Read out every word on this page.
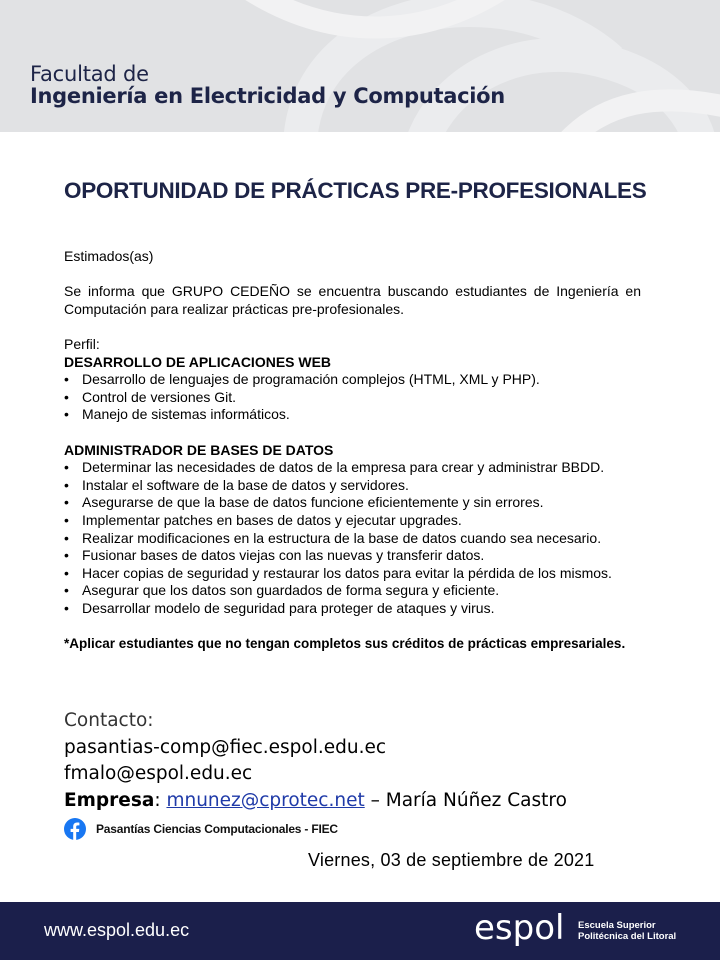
Facultad de
Ingeniería en Electricidad y Computación
OPORTUNIDAD DE PRÁCTICAS PRE-PROFESIONALES

Estimados(as)

Se informa que GRUPO CEDEÑO se encuentra buscando estudiantes de Ingeniería en Computación para realizar prácticas pre-profesionales.

Perfil:

DESARROLLO DE APLICACIONES WEB

• Desarrollo de lenguajes de programación complejos (HTML, XML y PHP).
• Control de versiones Git.
• Manejo de sistemas informáticos.

ADMINISTRADOR DE BASES DE DATOS

• Determinar las necesidades de datos de la empresa para crear y administrar BBDD.
• Instalar el software de la base de datos y servidores.
• Asegurarse de que la base de datos funcione eficientemente y sin errores.
• Implementar patches en bases de datos y ejecutar upgrades.
• Realizar modificaciones en la estructura de la base de datos cuando sea necesario.
• Fusionar bases de datos viejas con las nuevas y transferir datos.
• Hacer copias de seguridad y restaurar los datos para evitar la pérdida de los mismos.
• Asegurar que los datos son guardados de forma segura y eficiente.
• Desarrollar modelo de seguridad para proteger de ataques y virus.

*Aplicar estudiantes que no tengan completos sus créditos de prácticas empresariales.

Contacto:
pasantias-comp@fiec.espol.edu.ec
fmalo@espol.edu.ec
Empresa: mnunez@cprotec.net – María Núñez Castro
Pasantías Ciencias Computacionales - FIEC
Viernes, 03 de septiembre de 2021
www.espol.edu.ec	espol Escuela Superior
Politécnica del Litoral
